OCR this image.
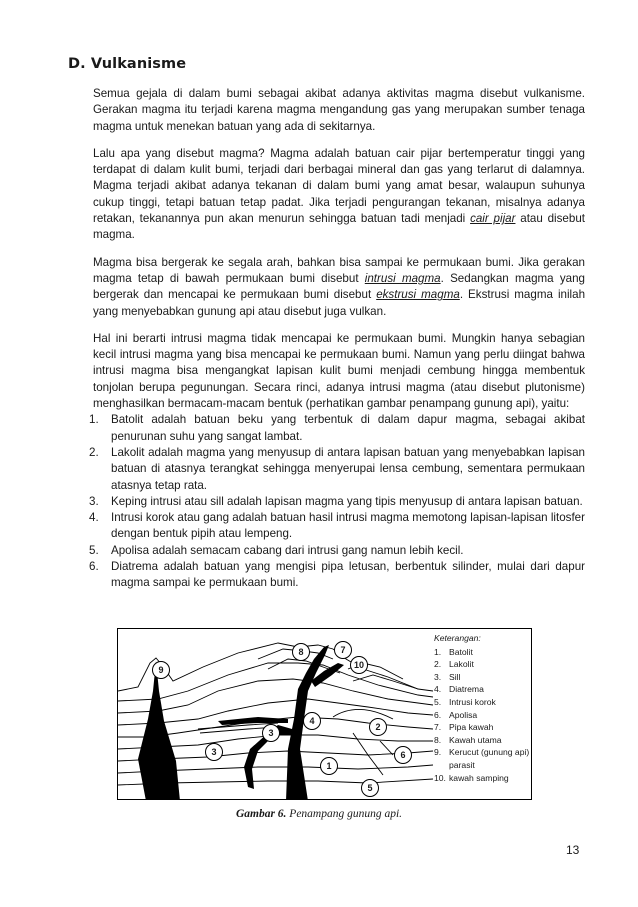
D. Vulkanisme

Semua gejala di dalam bumi sebagai akibat adanya aktivitas magma disebut vulkanisme. Gerakan magma itu terjadi karena magma mengandung gas yang merupakan sumber tenaga magma untuk menekan batuan yang ada di sekitarnya.

Lalu apa yang disebut magma? Magma adalah batuan cair pijar bertemperatur tinggi yang terdapat di dalam kulit bumi, terjadi dari berbagai mineral dan gas yang terlarut di dalamnya. Magma terjadi akibat adanya tekanan di dalam bumi yang amat besar, walaupun suhunya cukup tinggi, tetapi batuan tetap padat. Jika terjadi pengurangan tekanan, misalnya adanya retakan, tekanannya pun akan menurun sehingga batuan tadi menjadi cair pijar atau disebut magma.

Magma bisa bergerak ke segala arah, bahkan bisa sampai ke permukaan bumi. Jika gerakan magma tetap di bawah permukaan bumi disebut intrusi magma. Sedangkan magma yang bergerak dan mencapai ke permukaan bumi disebut ekstrusi magma. Ekstrusi magma inilah yang menyebabkan gunung api atau disebut juga vulkan.

Hal ini berarti intrusi magma tidak mencapai ke permukaan bumi. Mungkin hanya sebagian kecil intrusi magma yang bisa mencapai ke permukaan bumi. Namun yang perlu diingat bahwa intrusi magma bisa mengangkat lapisan kulit bumi menjadi cembung hingga membentuk tonjolan berupa pegunungan. Secara rinci, adanya intrusi magma (atau disebut plutonisme) menghasilkan bermacam-macam bentuk (perhatikan gambar penampang gunung api), yaitu:

1. Batolit adalah batuan beku yang terbentuk di dalam dapur magma, sebagai akibat penurunan suhu yang sangat lambat.
2. Lakolit adalah magma yang menyusup di antara lapisan batuan yang menyebabkan lapisan batuan di atasnya terangkat sehingga menyerupai lensa cembung, sementara permukaan atasnya tetap rata.
3. Keping intrusi atau sill adalah lapisan magma yang tipis menyusup di antara lapisan batuan.
4. Intrusi korok atau gang adalah batuan hasil intrusi magma memotong lapisan-lapisan litosfer dengan bentuk pipih atau lempeng.
5. Apolisa adalah semacam cabang dari intrusi gang namun lebih kecil.
6. Diatrema adalah batuan yang mengisi pipa letusan, berbentuk silinder, mulai dari dapur magma sampai ke permukaan bumi.
9
8	7
10
4
3
2
3	6
1
5
Keterangan:
1. Batolit
2. Lakolit
3. Sill
4. Diatrema
5. Intrusi korok
6. Apolisa
7. Pipa kawah
8. Kawah utama
9. Kerucut (gunung api) parasit
10. kawah samping
Gambar 6. Penampang gunung api.
13
